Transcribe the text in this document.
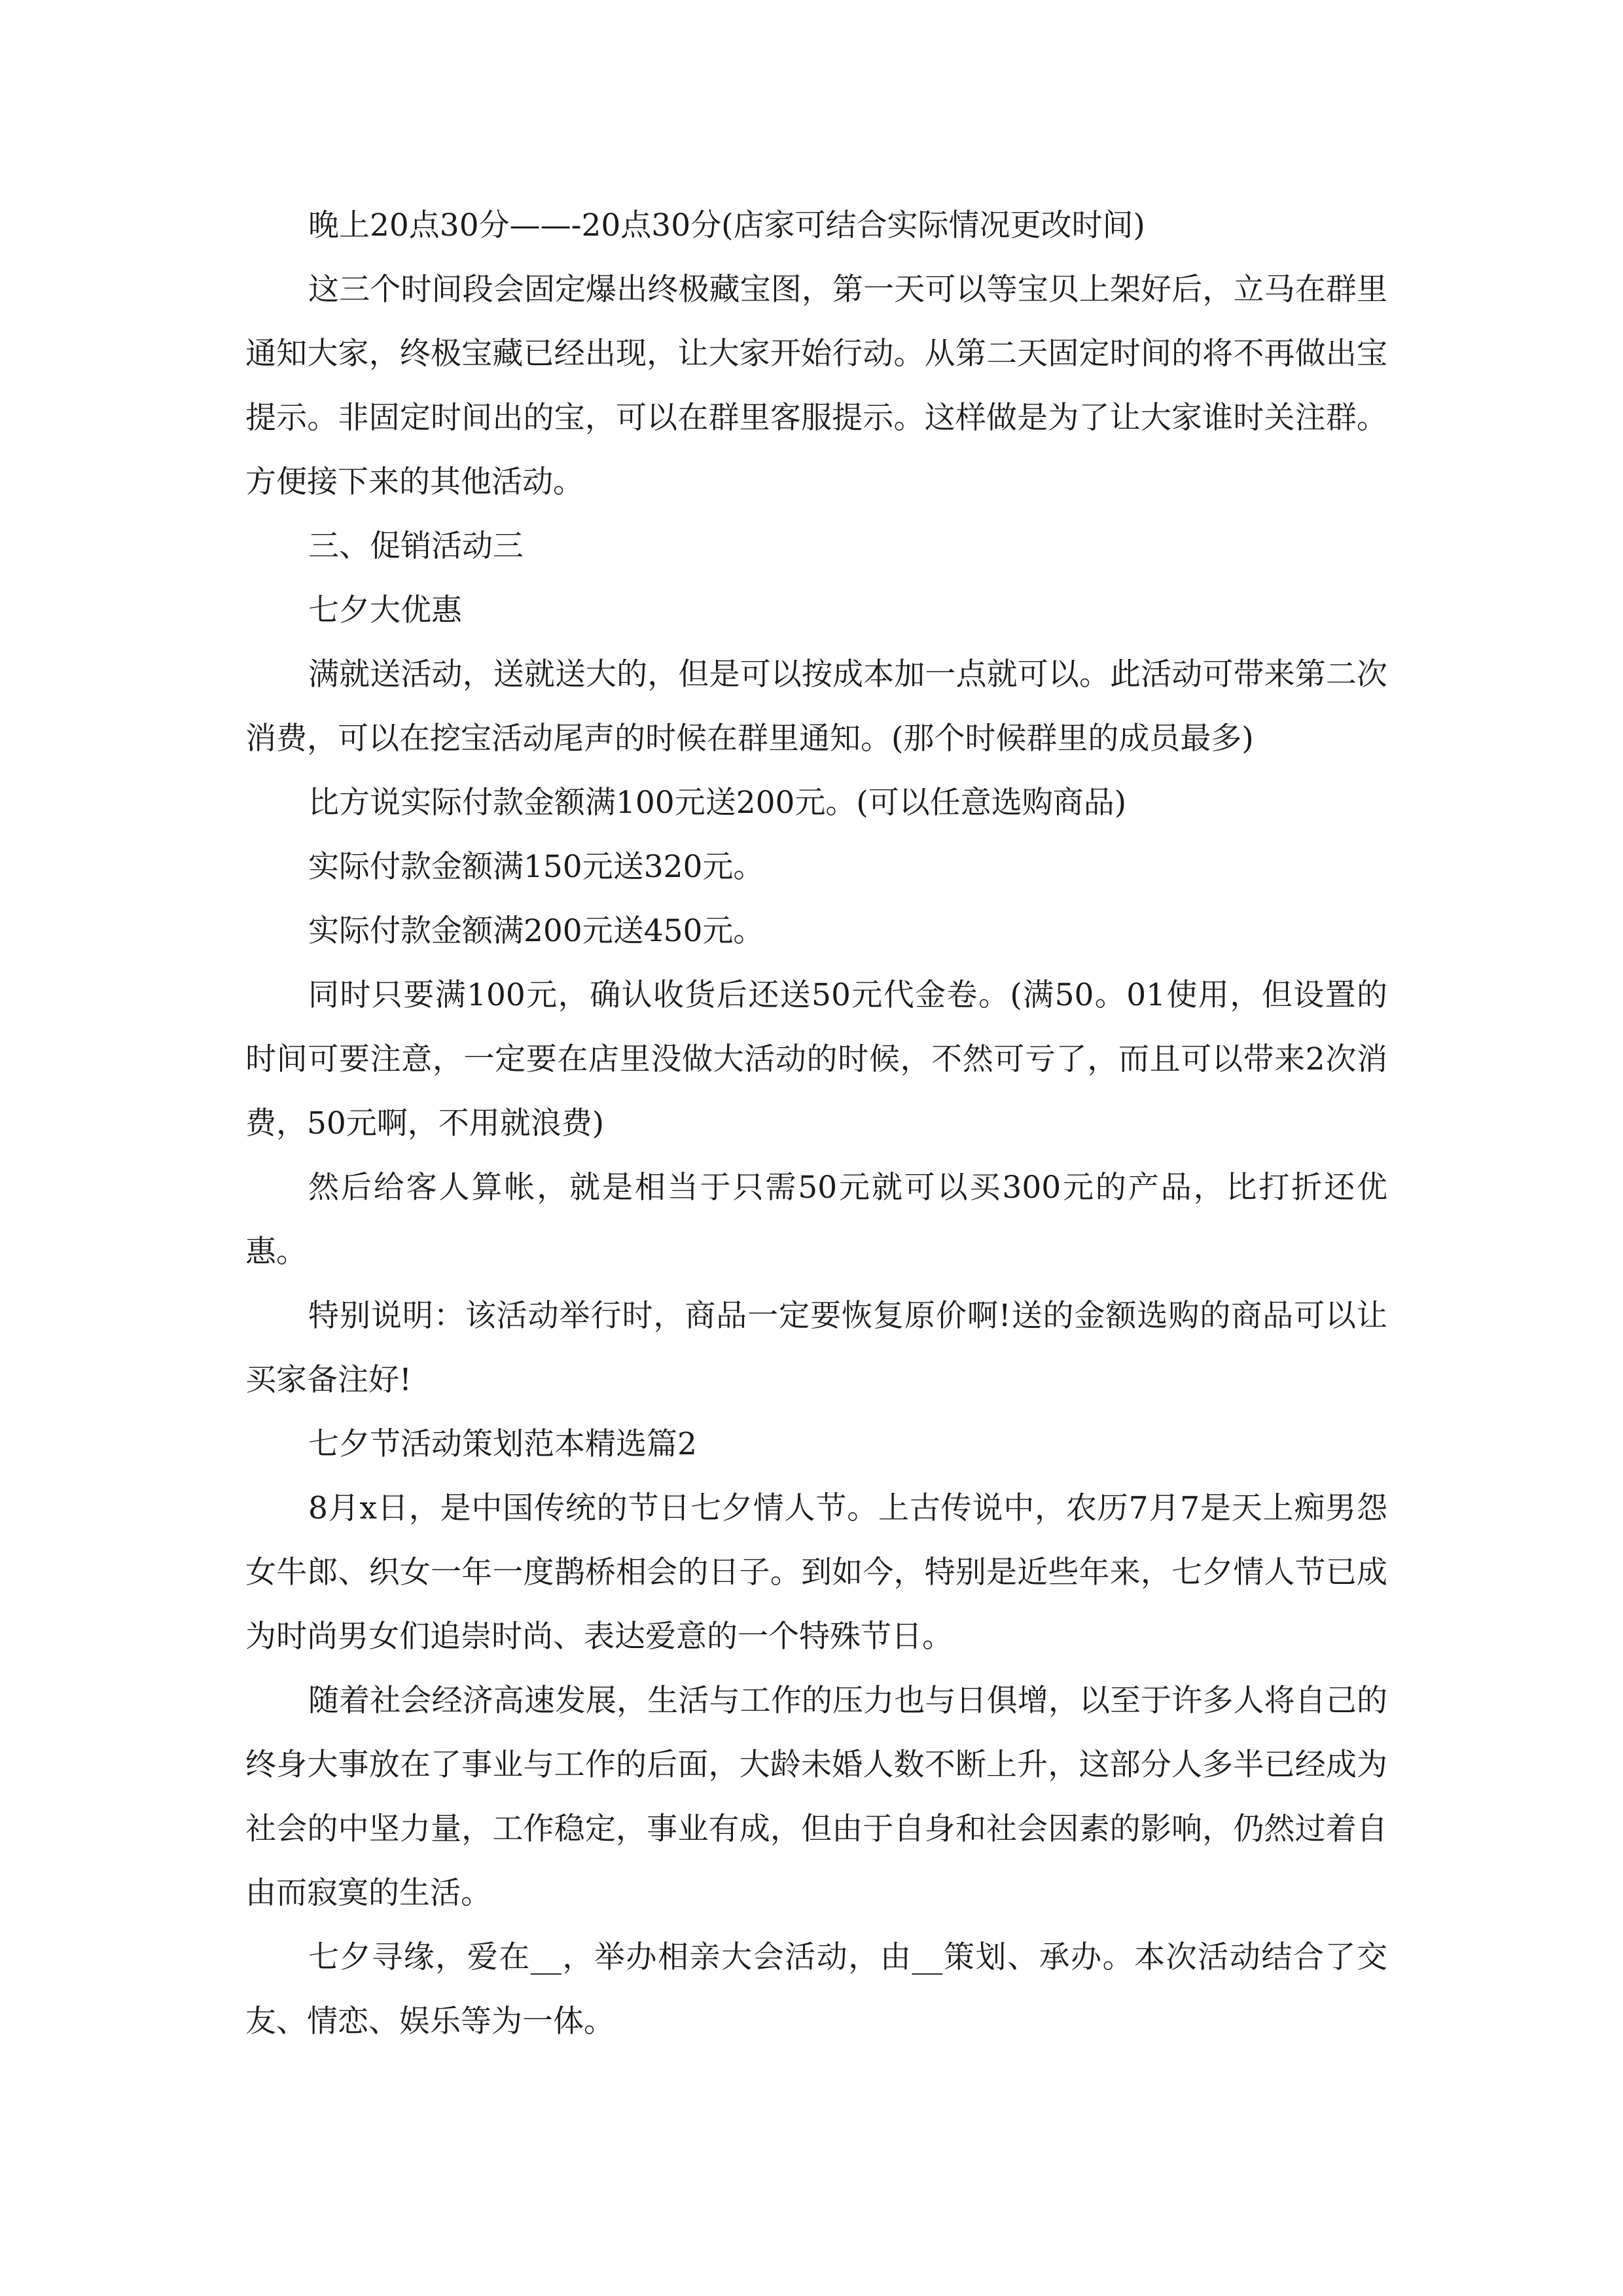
晚上20点30分——-20点30分(店家可结合实际情况更改时间)

这三个时间段会固定爆出终极藏宝图，第一天可以等宝贝上架好后，立马在群里通知大家，终极宝藏已经出现，让大家开始行动。从第二天固定时间的将不再做出宝提示。非固定时间出的宝，可以在群里客服提示。这样做是为了让大家谁时关注群。方便接下来的其他活动。

三、促销活动三

七夕大优惠

满就送活动，送就送大的，但是可以按成本加一点就可以。此活动可带来第二次消费，可以在挖宝活动尾声的时候在群里通知。(那个时候群里的成员最多)

比方说实际付款金额满100元送200元。(可以任意选购商品)

实际付款金额满150元送320元。

实际付款金额满200元送450元。

同时只要满100元，确认收货后还送50元代金卷。(满50。01使用，但设置的时间可要注意，一定要在店里没做大活动的时候，不然可亏了，而且可以带来2次消费，50元啊，不用就浪费)

然后给客人算帐，就是相当于只需50元就可以买300元的产品，比打折还优惠。

特别说明：该活动举行时，商品一定要恢复原价啊!送的金额选购的商品可以让买家备注好!

七夕节活动策划范本精选篇2

8月x日，是中国传统的节日七夕情人节。上古传说中，农历7月7是天上痴男怨女牛郎、织女一年一度鹊桥相会的日子。到如今，特别是近些年来，七夕情人节已成为时尚男女们追崇时尚、表达爱意的一个特殊节日。

随着社会经济高速发展，生活与工作的压力也与日俱增，以至于许多人将自己的终身大事放在了事业与工作的后面，大龄未婚人数不断上升，这部分人多半已经成为社会的中坚力量，工作稳定，事业有成，但由于自身和社会因素的影响，仍然过着自由而寂寞的生活。

七夕寻缘，爱在__，举办相亲大会活动，由__策划、承办。本次活动结合了交友、情恋、娱乐等为一体。
